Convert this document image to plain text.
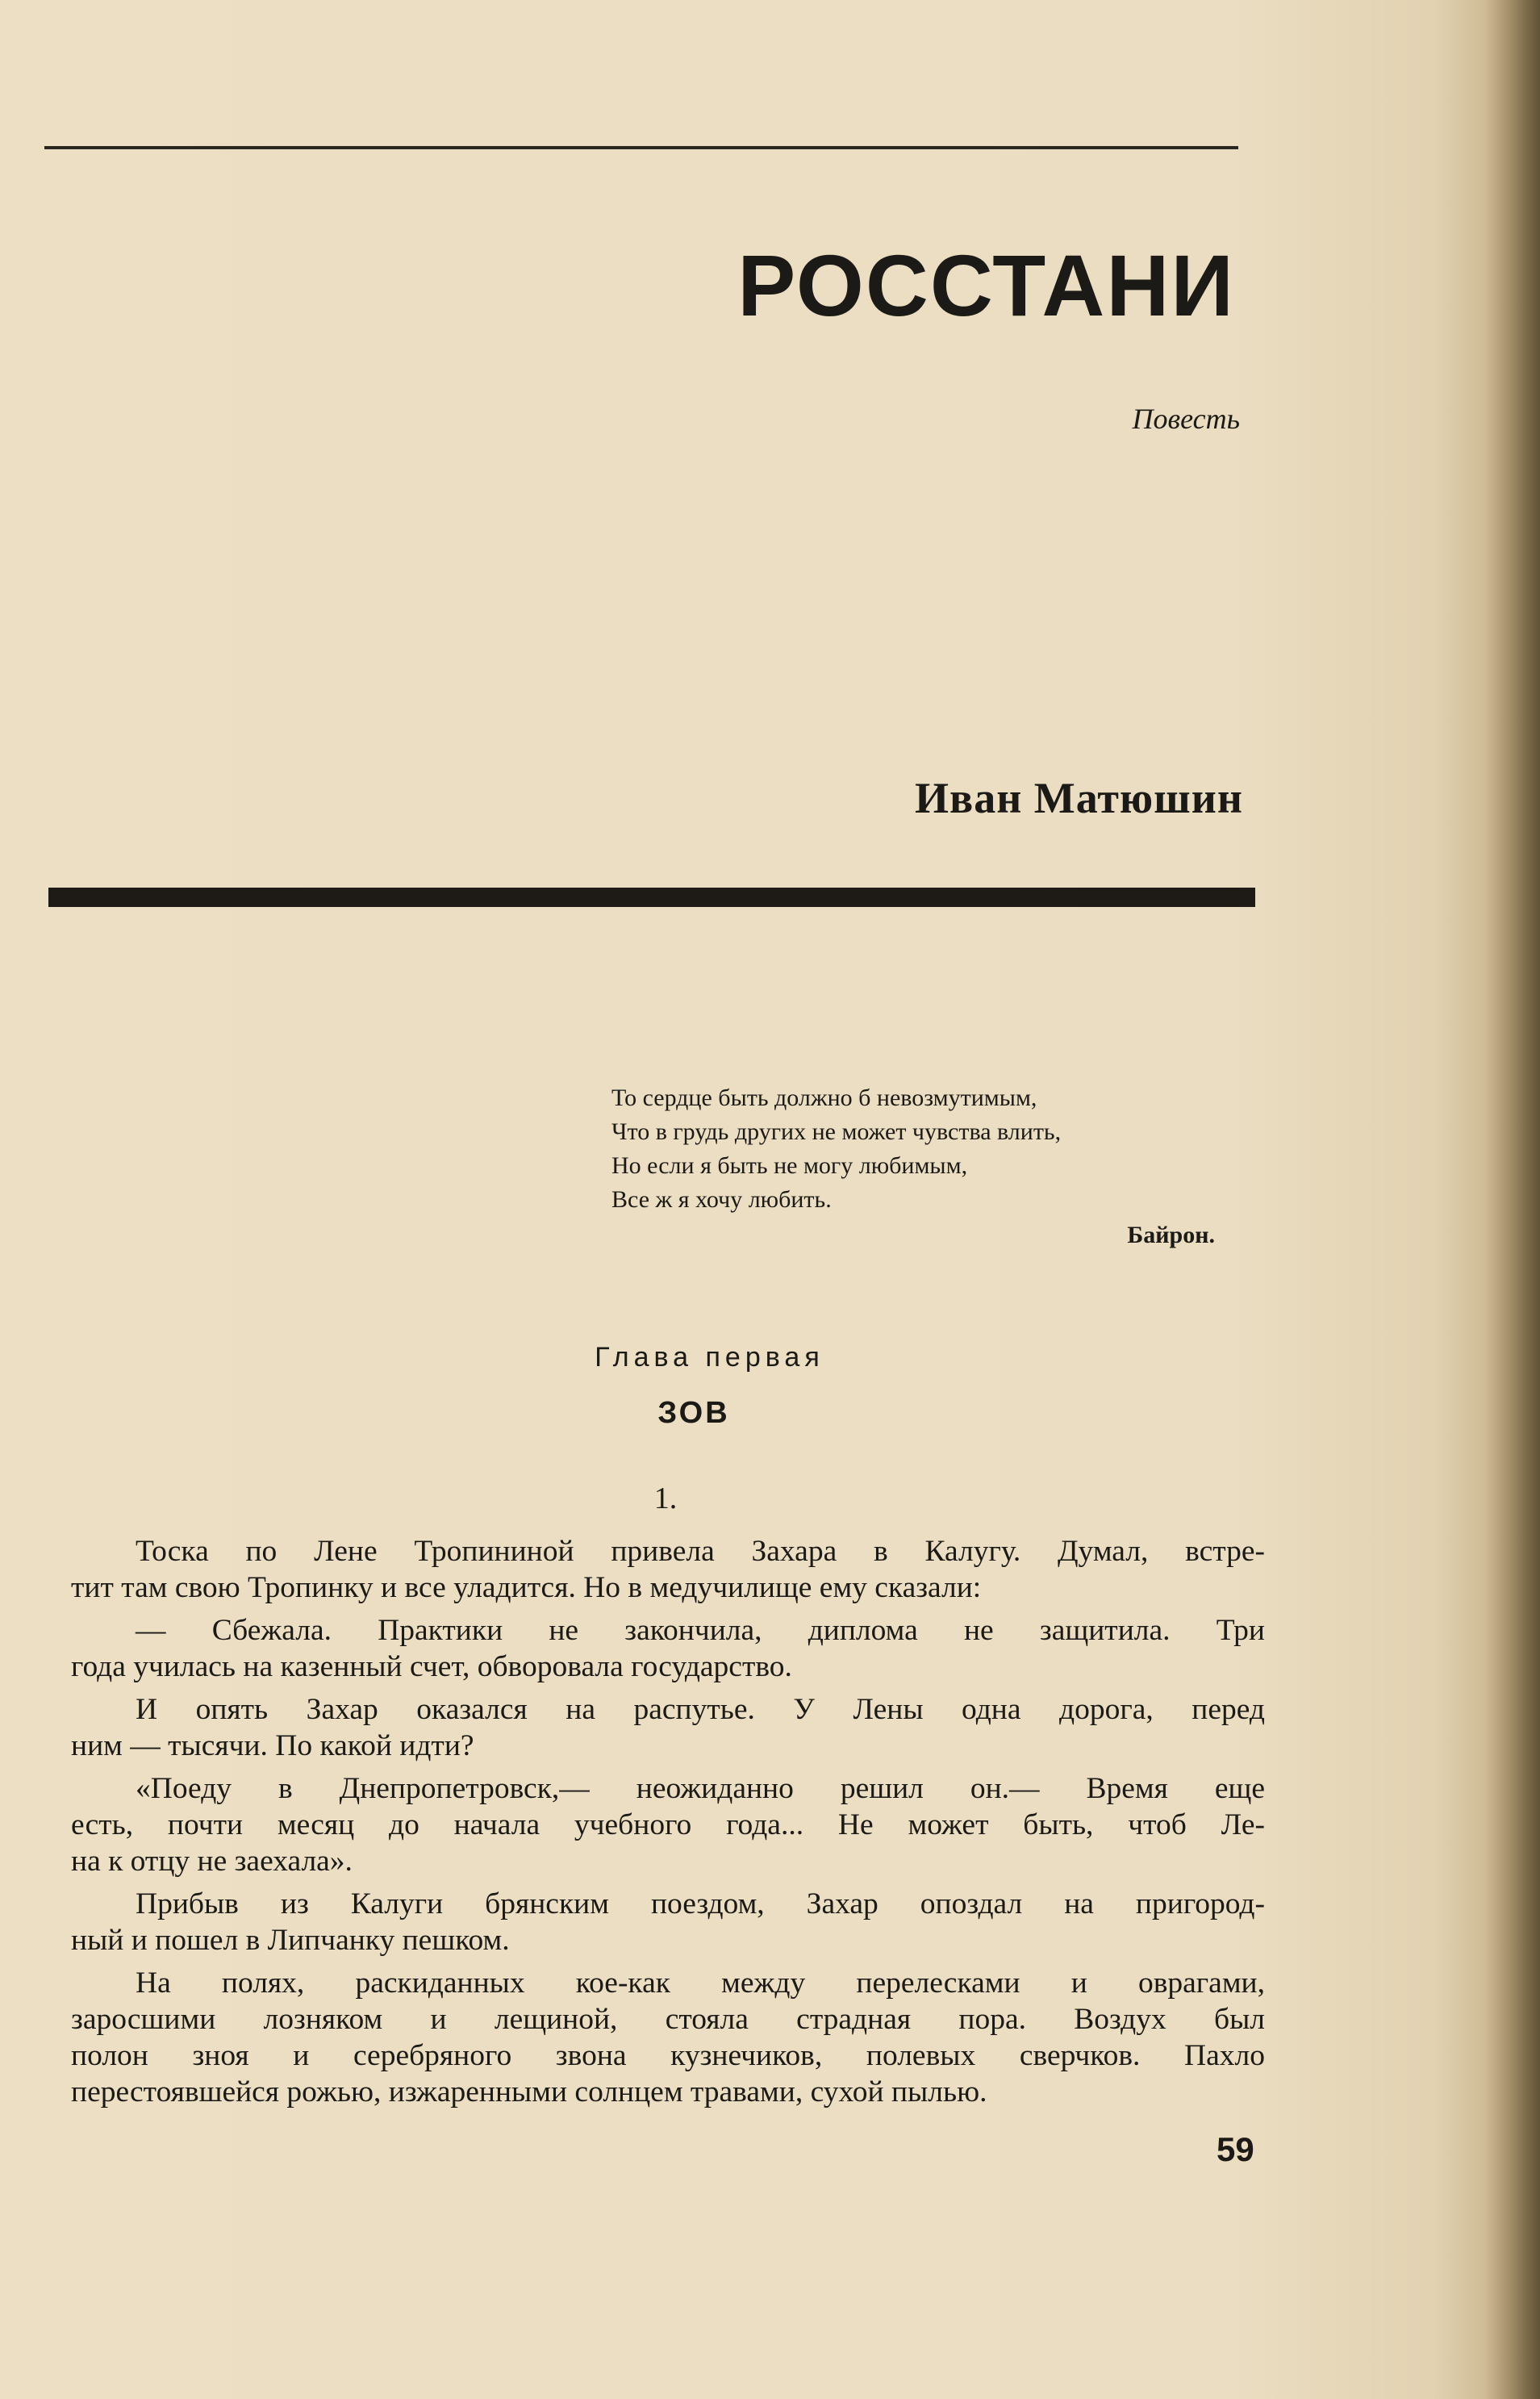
РОССТАНИ
Повесть
Иван Матюшин
То сердце быть должно б невозмутимым,
Что в грудь других не может чувства влить,
Но если я быть не могу любимым,
Все ж я хочу любить.
Байрон.
Глава первая
ЗОВ
1.
Тоска по Лене Тропининой привела Захара в Калугу. Думал, встре-
тит там свою Тропинку и все уладится. Но в медучилище ему сказали:
— Сбежала. Практики не закончила, диплома не защитила. Три
года училась на казенный счет, обворовала государство.
И опять Захар оказался на распутье. У Лены одна дорога, перед
ним — тысячи. По какой идти?
«Поеду в Днепропетровск,— неожиданно решил он.— Время еще
есть, почти месяц до начала учебного года... Не может быть, чтоб Ле-
на к отцу не заехала».
Прибыв из Калуги брянским поездом, Захар опоздал на пригород-
ный и пошел в Липчанку пешком.
На полях, раскиданных кое-как между перелесками и оврагами,
заросшими лозняком и лещиной, стояла страдная пора. Воздух был
полон зноя и серебряного звона кузнечиков, полевых сверчков. Пахло
перестоявшейся рожью, изжаренными солнцем травами, сухой пылью.
59
